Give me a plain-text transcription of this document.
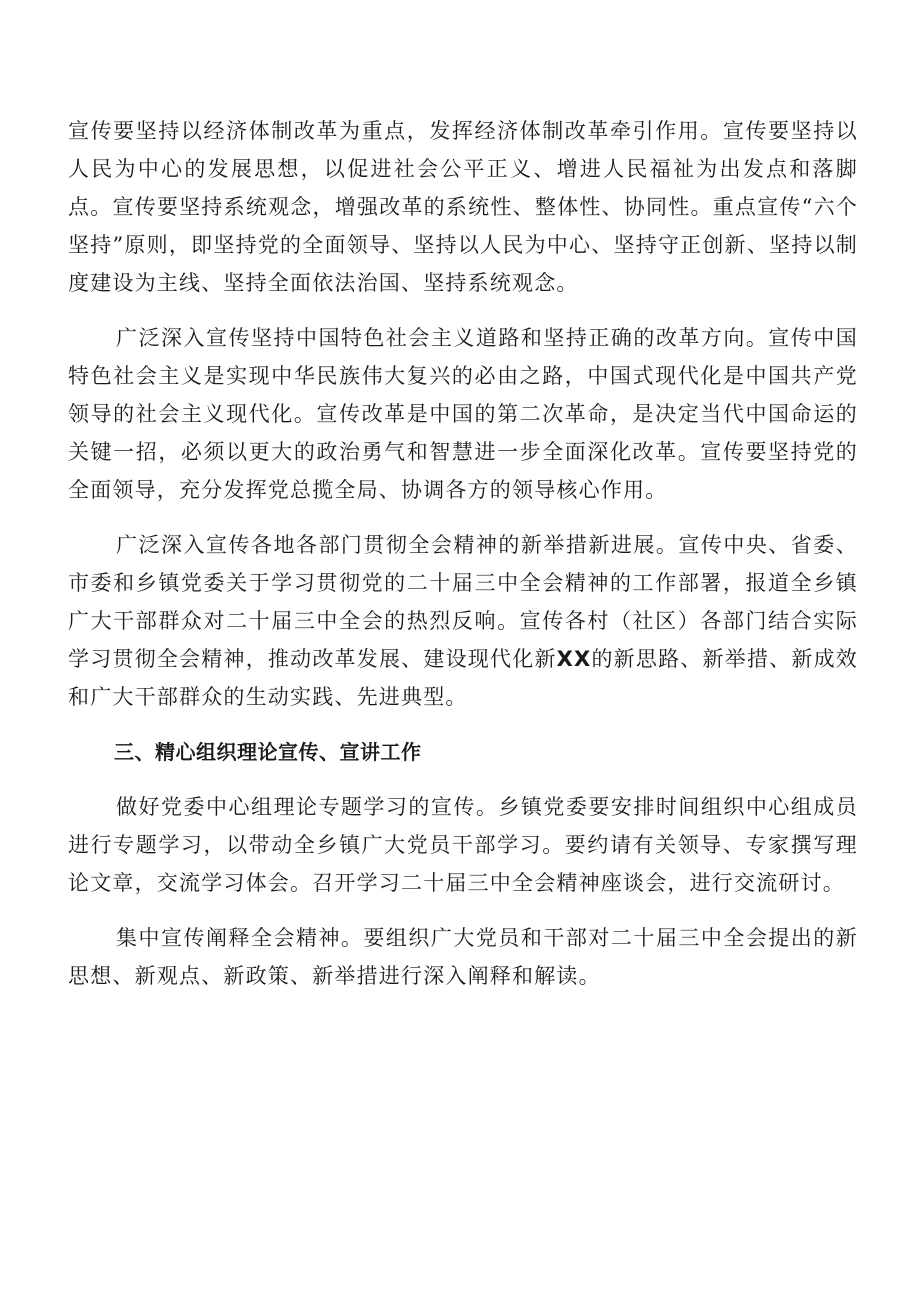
宣传要坚持以经济体制改革为重点，发挥经济体制改革牵引作用。宣传要坚持以人民为中心的发展思想，以促进社会公平正义、增进人民福祉为出发点和落脚点。宣传要坚持系统观念，增强改革的系统性、整体性、协同性。重点宣传“六个坚持”原则，即坚持党的全面领导、坚持以人民为中心、坚持守正创新、坚持以制度建设为主线、坚持全面依法治国、坚持系统观念。

广泛深入宣传坚持中国特色社会主义道路和坚持正确的改革方向。宣传中国特色社会主义是实现中华民族伟大复兴的必由之路，中国式现代化是中国共产党领导的社会主义现代化。宣传改革是中国的第二次革命，是决定当代中国命运的关键一招，必须以更大的政治勇气和智慧进一步全面深化改革。宣传要坚持党的全面领导，充分发挥党总揽全局、协调各方的领导核心作用。

广泛深入宣传各地各部门贯彻全会精神的新举措新进展。宣传中央、省委、市委和乡镇党委关于学习贯彻党的二十届三中全会精神的工作部署，报道全乡镇广大干部群众对二十届三中全会的热烈反响。宣传各村（社区）各部门结合实际学习贯彻全会精神，推动改革发展、建设现代化新XX的新思路、新举措、新成效和广大干部群众的生动实践、先进典型。

三、精心组织理论宣传、宣讲工作

做好党委中心组理论专题学习的宣传。乡镇党委要安排时间组织中心组成员进行专题学习，以带动全乡镇广大党员干部学习。要约请有关领导、专家撰写理论文章，交流学习体会。召开学习二十届三中全会精神座谈会，进行交流研讨。

集中宣传阐释全会精神。要组织广大党员和干部对二十届三中全会提出的新思想、新观点、新政策、新举措进行深入阐释和解读。
